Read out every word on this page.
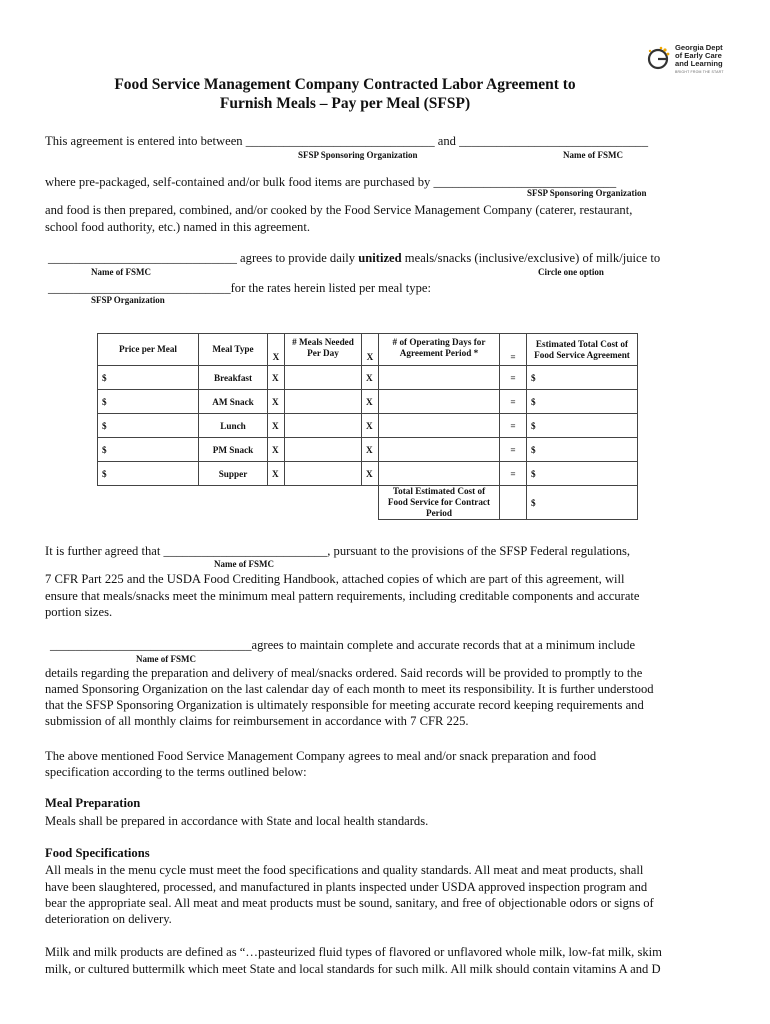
Georgia Dept
of Early Care
and Learning
BRIGHT FROM THE START
Food Service Management Company Contracted Labor Agreement to
Furnish Meals – Pay per Meal (SFSP)
This agreement is entered into between ______________________________ and ______________________________
SFSP Sponsoring Organization	Name of FSMC
where pre-packaged, self-contained and/or bulk food items are purchased by _____________________________
SFSP Sponsoring Organization
and food is then prepared, combined, and/or cooked by the Food Service Management Company (caterer, restaurant,
school food authority, etc.) named in this agreement.
______________________________ agrees to provide daily unitized meals/snacks (inclusive/exclusive) of milk/juice to
Name of FSMC	Circle one option
_____________________________for the rates herein listed per meal type:
SFSP Organization
Price per Meal	Meal Type	X	# Meals Needed Per Day	X	# of Operating Days for Agreement Period *	=	Estimated Total Cost of Food Service Agreement
$	Breakfast	X		X		=	$
$	AM Snack	X		X		=	$
$	Lunch	X		X		=	$
$	PM Snack	X		X		=	$
$	Supper	X		X		=	$
					Total Estimated Cost of Food Service for Contract Period		$
It is further agreed that __________________________, pursuant to the provisions of the SFSP Federal regulations,
Name of FSMC
7 CFR Part 225 and the USDA Food Crediting Handbook, attached copies of which are part of this agreement, will
ensure that meals/snacks meet the minimum meal pattern requirements, including creditable components and accurate
portion sizes.
________________________________agrees to maintain complete and accurate records that at a minimum include
Name of FSMC
details regarding the preparation and delivery of meal/snacks ordered. Said records will be provided to promptly to the
named Sponsoring Organization on the last calendar day of each month to meet its responsibility. It is further understood
that the SFSP Sponsoring Organization is ultimately responsible for meeting accurate record keeping requirements and
submission of all monthly claims for reimbursement in accordance with 7 CFR 225.
The above mentioned Food Service Management Company agrees to meal and/or snack preparation and food
specification according to the terms outlined below:
Meal Preparation
Meals shall be prepared in accordance with State and local health standards.
Food Specifications
All meals in the menu cycle must meet the food specifications and quality standards. All meat and meat products, shall
have been slaughtered, processed, and manufactured in plants inspected under USDA approved inspection program and
bear the appropriate seal. All meat and meat products must be sound, sanitary, and free of objectionable odors or signs of
deterioration on delivery.
Milk and milk products are defined as “…pasteurized fluid types of flavored or unflavored whole milk, low-fat milk, skim
milk, or cultured buttermilk which meet State and local standards for such milk. All milk should contain vitamins A and D
